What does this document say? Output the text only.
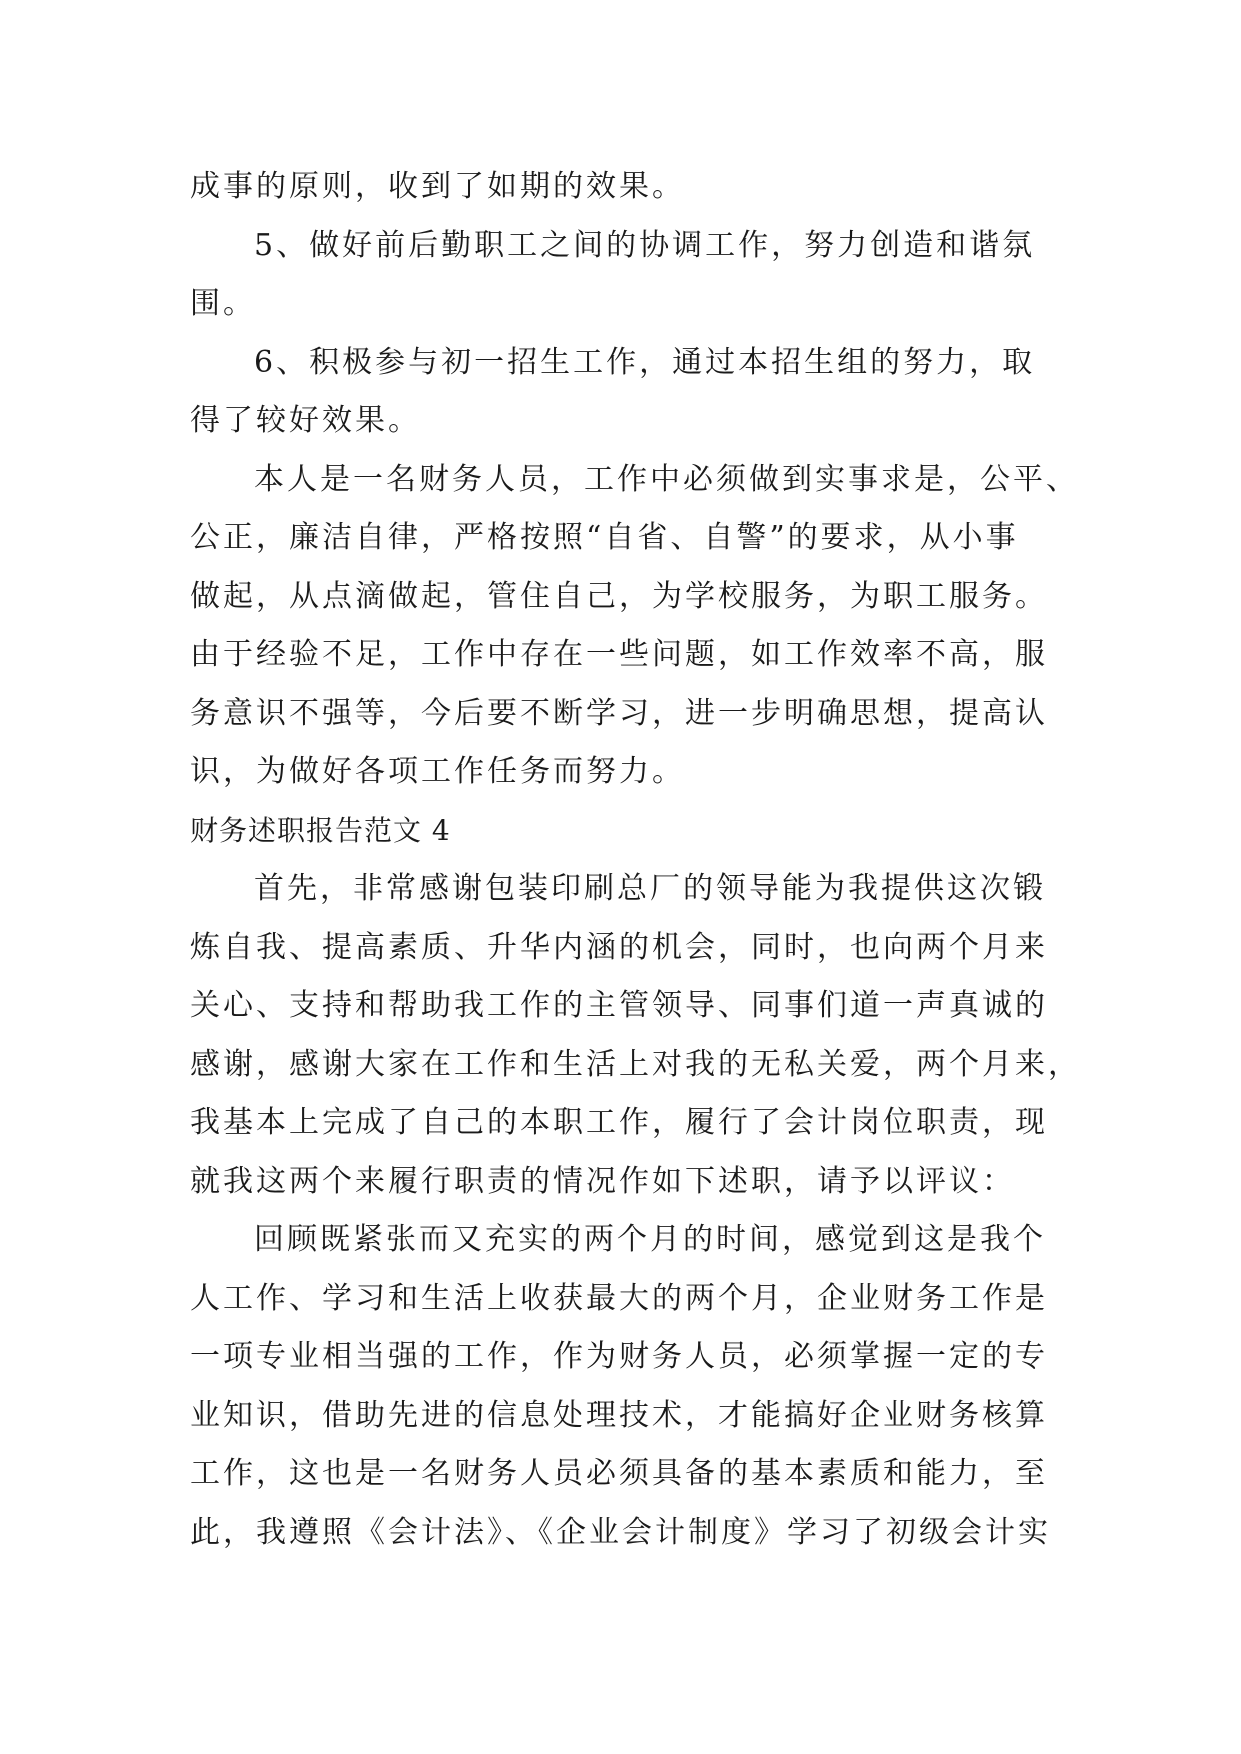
成事的原则，收到了如期的效果。
5、做好前后勤职工之间的协调工作，努力创造和谐氛
围。
6、积极参与初一招生工作，通过本招生组的努力，取
得了较好效果。
本人是一名财务人员，工作中必须做到实事求是，公平、
公正，廉洁自律，严格按照“自省、自警”的要求，从小事
做起，从点滴做起，管住自己，为学校服务，为职工服务。
由于经验不足，工作中存在一些问题，如工作效率不高，服
务意识不强等，今后要不断学习，进一步明确思想，提高认
识，为做好各项工作任务而努力。
财务述职报告范文 4
首先，非常感谢包装印刷总厂的领导能为我提供这次锻
炼自我、提高素质、升华内涵的机会，同时，也向两个月来
关心、支持和帮助我工作的主管领导、同事们道一声真诚的
感谢，感谢大家在工作和生活上对我的无私关爱，两个月来，
我基本上完成了自己的本职工作，履行了会计岗位职责，现
就我这两个来履行职责的情况作如下述职，请予以评议：
回顾既紧张而又充实的两个月的时间，感觉到这是我个
人工作、学习和生活上收获最大的两个月，企业财务工作是
一项专业相当强的工作，作为财务人员，必须掌握一定的专
业知识，借助先进的信息处理技术，才能搞好企业财务核算
工作，这也是一名财务人员必须具备的基本素质和能力，至
此，我遵照《会计法》、《企业会计制度》学习了初级会计实
